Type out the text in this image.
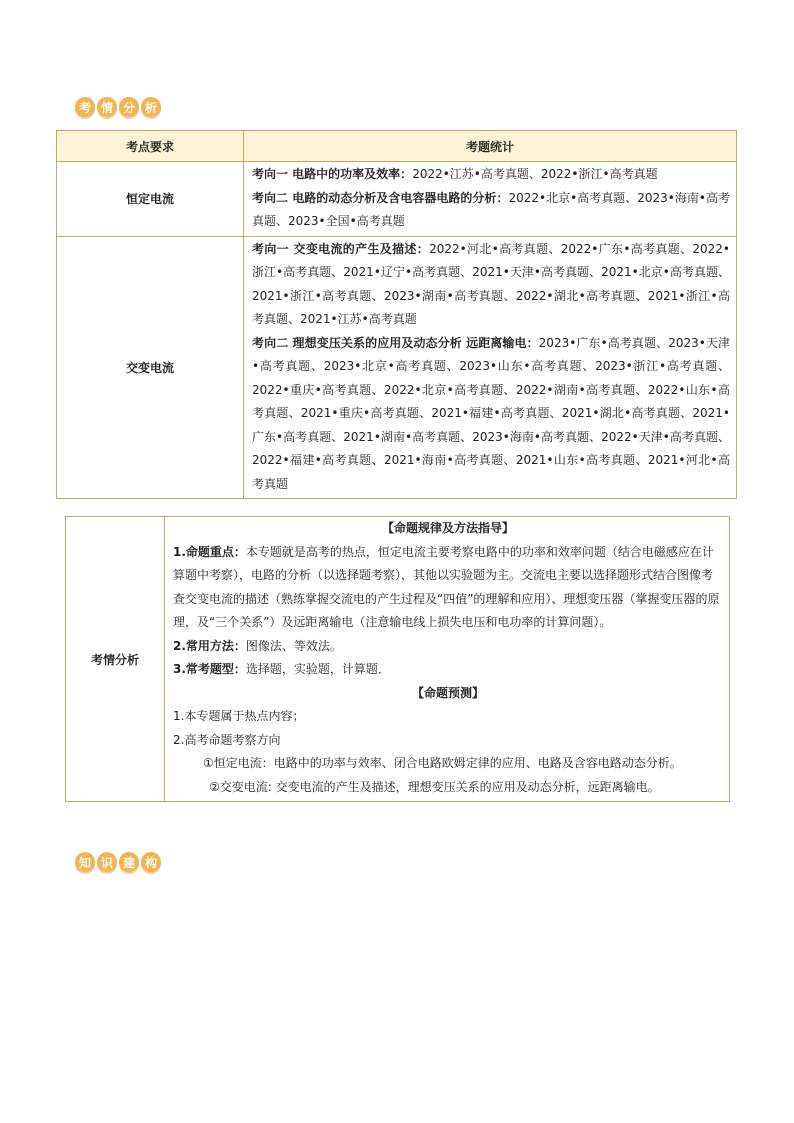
考 情 分 析
考点要求	考题统计
恒定电流	考向一 电路中的功率及效率：2022•江苏•高考真题、2022•浙江•高考真题
考向二 电路的动态分析及含电容器电路的分析：2022•北京•高考真题、2023•海南•高考真题、2023•全国•高考真题

交变电流	考向一 交变电流的产生及描述：2022•河北•高考真题、2022•广东•高考真题、2022•浙江•高考真题、2021•辽宁•高考真题、2021•天津•高考真题、2021•北京•高考真题、2021•浙江•高考真题、2023•湖南•高考真题、2022•湖北•高考真题、2021•浙江•高考真题、2021•江苏•高考真题
考向二 理想变压关系的应用及动态分析 远距离输电：2023•广东•高考真题、2023•天津•高考真题、2023•北京•高考真题、2023•山东•高考真题、2023•浙江•高考真题、2022•重庆•高考真题、2022•北京•高考真题、2022•湖南•高考真题、2022•山东•高考真题、2021•重庆•高考真题、2021•福建•高考真题、2021•湖北•高考真题、2021•广东•高考真题、2021•湖南•高考真题、2023•海南•高考真题、2022•天津•高考真题、2022•福建•高考真题、2021•海南•高考真题、2021•山东•高考真题、2021•河北•高考真题
考情分析	
【命题规律及方法指导】
1.命题重点：本专题就是高考的热点，恒定电流主要考察电路中的功率和效率问题（结合电磁感应在计算题中考察），电路的分析（以选择题考察），其他以实验题为主。交流电主要以选择题形式结合图像考查交变电流的描述（熟练掌握交流电的产生过程及“四值”的理解和应用）、理想变压器（掌握变压器的原理，及“三个关系”）及远距离输电（注意输电线上损失电压和电功率的计算问题）。
2.常用方法：图像法、等效法。
3.常考题型：选择题，实验题，计算题．
【命题预测】
1.本专题属于热点内容；
2.高考命题考察方向
①恒定电流：电路中的功率与效率、闭合电路欧姆定律的应用、电路及含容电路动态分析。
②交变电流: 交变电流的产生及描述，理想变压关系的应用及动态分析，远距离输电。
知 识 建 构
